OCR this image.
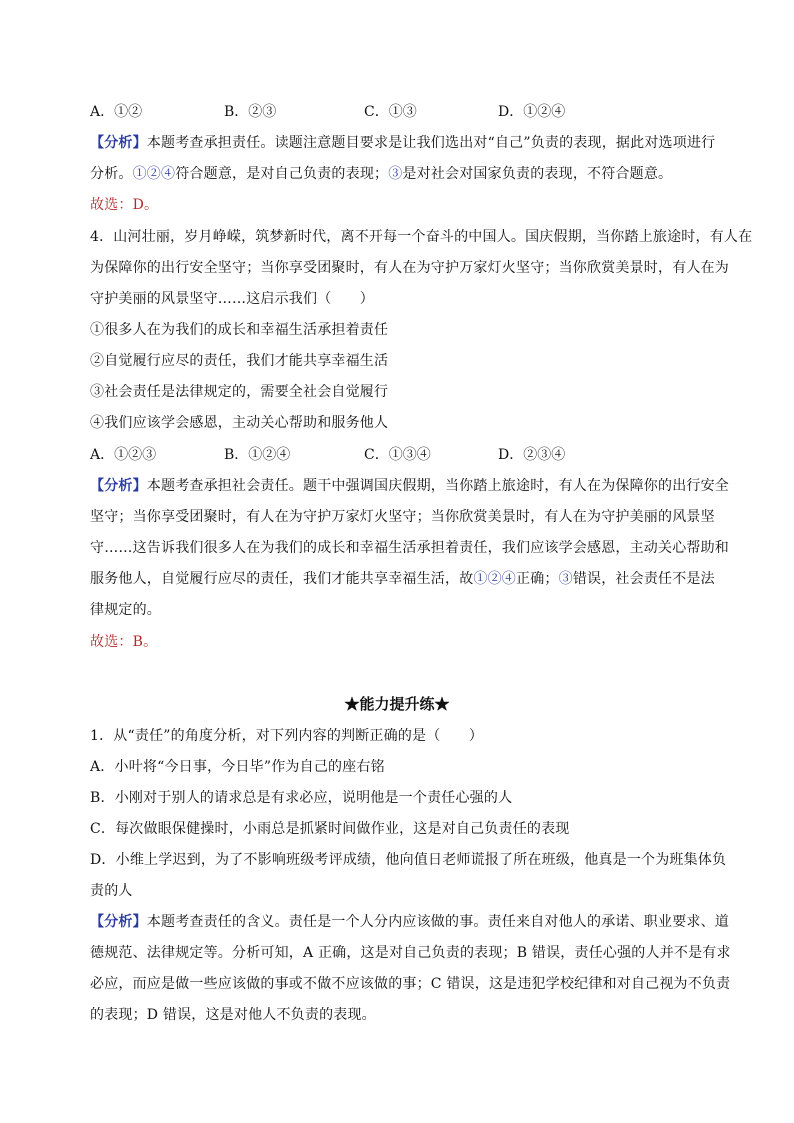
A．①②	B．②③	C．①③	D．①②④
【分析】本题考查承担责任。读题注意题目要求是让我们选出对“自己”负责的表现，据此对选项进行
分析。①②④符合题意，是对自己负责的表现；③是对社会对国家负责的表现，不符合题意。
故选：D。
4．山河壮丽，岁月峥嵘，筑梦新时代，离不开每一个奋斗的中国人。国庆假期，当你踏上旅途时，有人在
为保障你的出行安全坚守；当你享受团聚时，有人在为守护万家灯火坚守；当你欣赏美景时，有人在为
守护美丽的风景坚守……这启示我们（　　）
①很多人在为我们的成长和幸福生活承担着责任
②自觉履行应尽的责任，我们才能共享幸福生活
③社会责任是法律规定的，需要全社会自觉履行
④我们应该学会感恩，主动关心帮助和服务他人
A．①②③	B．①②④	C．①③④	D．②③④
【分析】本题考查承担社会责任。题干中强调国庆假期，当你踏上旅途时，有人在为保障你的出行安全
坚守；当你享受团聚时，有人在为守护万家灯火坚守；当你欣赏美景时，有人在为守护美丽的风景坚
守……这告诉我们很多人在为我们的成长和幸福生活承担着责任，我们应该学会感恩，主动关心帮助和
服务他人，自觉履行应尽的责任，我们才能共享幸福生活，故①②④正确；③错误，社会责任不是法
律规定的。
故选：B。
★能力提升练★
1．从“责任”的角度分析，对下列内容的判断正确的是（　　）
A．小叶将“今日事，今日毕”作为自己的座右铭
B．小刚对于别人的请求总是有求必应，说明他是一个责任心强的人
C．每次做眼保健操时，小雨总是抓紧时间做作业，这是对自己负责任的表现
D．小维上学迟到，为了不影响班级考评成绩，他向值日老师谎报了所在班级，他真是一个为班集体负
责的人
【分析】本题考查责任的含义。责任是一个人分内应该做的事。责任来自对他人的承诺、职业要求、道
德规范、法律规定等。分析可知，A 正确，这是对自己负责的表现；B 错误，责任心强的人并不是有求
必应，而应是做一些应该做的事或不做不应该做的事；C 错误，这是违犯学校纪律和对自己视为不负责
的表现；D 错误，这是对他人不负责的表现。
